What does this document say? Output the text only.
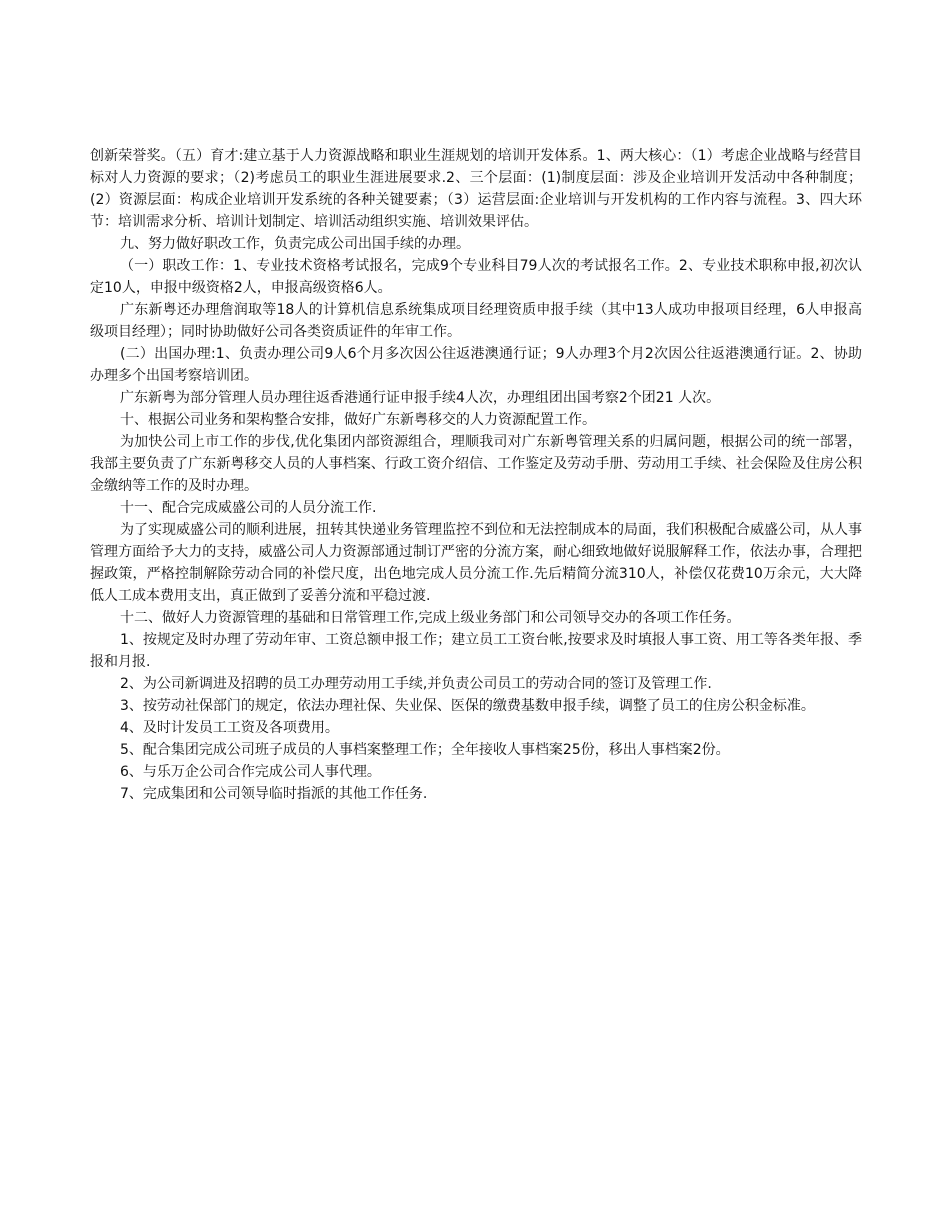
创新荣誉奖。（五）育才:建立基于人力资源战略和职业生涯规划的培训开发体系。1、两大核心：（1）考虑企业战略与经营目标对人力资源的要求；（2)考虑员工的职业生涯进展要求.2、三个层面：(1)制度层面：涉及企业培训开发活动中各种制度；(2）资源层面：构成企业培训开发系统的各种关键要素；（3）运营层面:企业培训与开发机构的工作内容与流程。3、四大环节：培训需求分析、培训计划制定、培训活动组织实施、培训效果评估。

九、努力做好职改工作，负责完成公司出国手续的办理。

（一）职改工作：1、专业技术资格考试报名，完成9个专业科目79人次的考试报名工作。2、专业技术职称申报,初次认定10人，申报中级资格2人，申报高级资格6人。

广东新粤还办理詹润取等18人的计算机信息系统集成项目经理资质申报手续（其中13人成功申报项目经理，6人申报高级项目经理）；同时协助做好公司各类资质证件的年审工作。

(二）出国办理:1、负责办理公司9人6个月多次因公往返港澳通行证；9人办理3个月2次因公往返港澳通行证。2、协助办理多个出国考察培训团。

广东新粤为部分管理人员办理往返香港通行证申报手续4人次，办理组团出国考察2个团21 人次。

十、根据公司业务和架构整合安排，做好广东新粤移交的人力资源配置工作。

为加快公司上市工作的步伐,优化集团内部资源组合，理顺我司对广东新粤管理关系的归属问题，根据公司的统一部署，我部主要负责了广东新粤移交人员的人事档案、行政工资介绍信、工作鉴定及劳动手册、劳动用工手续、社会保险及住房公积金缴纳等工作的及时办理。

十一、配合完成威盛公司的人员分流工作.

为了实现威盛公司的顺利进展，扭转其快递业务管理监控不到位和无法控制成本的局面，我们积极配合威盛公司，从人事管理方面给予大力的支持，威盛公司人力资源部通过制订严密的分流方案，耐心细致地做好说服解释工作，依法办事，合理把握政策，严格控制解除劳动合同的补偿尺度，出色地完成人员分流工作.先后精简分流310人，补偿仅花费10万余元，大大降低人工成本费用支出，真正做到了妥善分流和平稳过渡.

十二、做好人力资源管理的基础和日常管理工作,完成上级业务部门和公司领导交办的各项工作任务。

1、按规定及时办理了劳动年审、工资总额申报工作；建立员工工资台帐,按要求及时填报人事工资、用工等各类年报、季报和月报.

2、为公司新调进及招聘的员工办理劳动用工手续,并负责公司员工的劳动合同的签订及管理工作.

3、按劳动社保部门的规定，依法办理社保、失业保、医保的缴费基数申报手续，调整了员工的住房公积金标准。

4、及时计发员工工资及各项费用。

5、配合集团完成公司班子成员的人事档案整理工作；全年接收人事档案25份，移出人事档案2份。

6、与乐万企公司合作完成公司人事代理。

7、完成集团和公司领导临时指派的其他工作任务.
